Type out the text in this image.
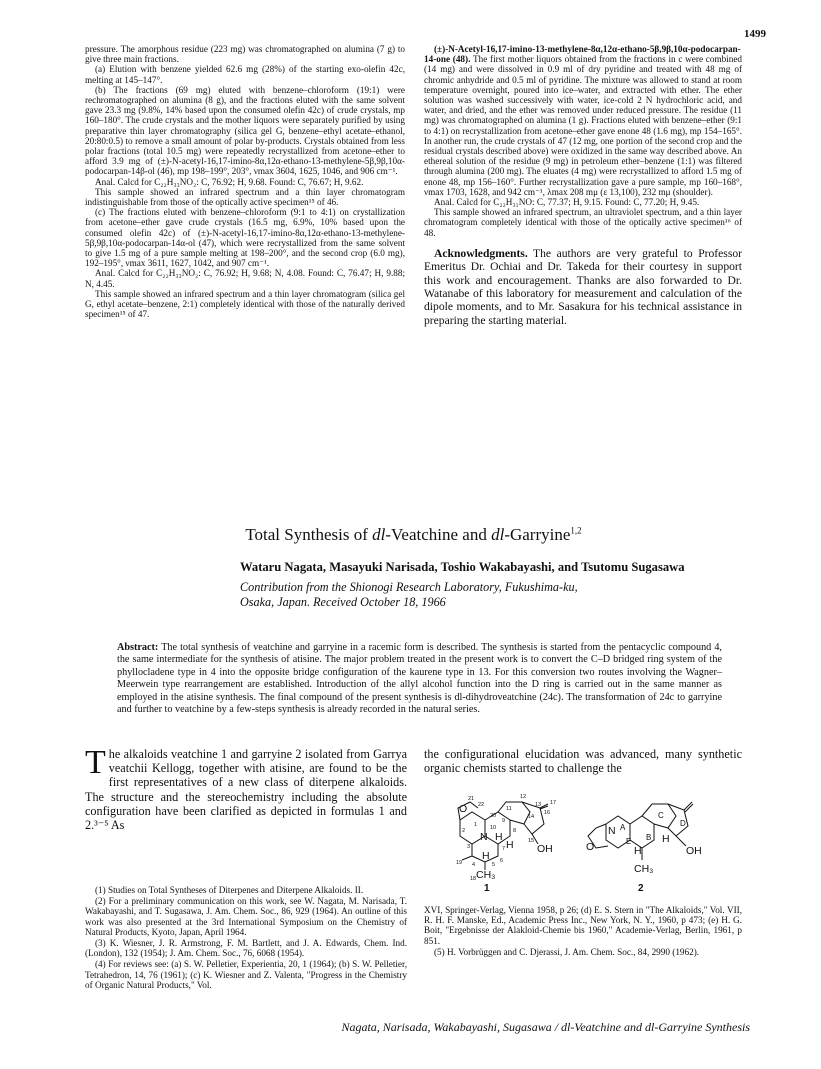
1499

pressure. The amorphous residue (223 mg) was chromatographed on alumina (7 g) to give three main fractions.

(a) Elution with benzene yielded 62.6 mg (28%) of the starting exo-olefin 42c, melting at 145–147°.

(b) The fractions (69 mg) eluted with benzene–chloroform (19:1) were rechromatographed on alumina (8 g), and the fractions eluted with the same solvent gave 23.3 mg (9.8%, 14% based upon the consumed olefin 42c) of crude crystals, mp 160–180°. The crude crystals and the mother liquors were separately purified by using preparative thin layer chromatography (silica gel G, benzene–ethyl acetate–ethanol, 20:80:0.5) to remove a small amount of polar by-products. Crystals obtained from less polar fractions (total 10.5 mg) were repeatedly recrystallized from acetone–ether to afford 3.9 mg of (±)-N-acetyl-16,17-imino-8α,12α-ethano-13-methylene-5β,9β,10α-podocarpan-14β-ol (46), mp 198–199°, 203°, νmax 3604, 1625, 1046, and 906 cm⁻¹.

Anal. Calcd for C₂₂H₃₃NO₂: C, 76.92; H, 9.68. Found: C, 76.67; H, 9.62.

This sample showed an infrared spectrum and a thin layer chromatogram indistinguishable from those of the optically active specimen¹⁵ of 46.

(c) The fractions eluted with benzene–chloroform (9:1 to 4:1) on crystallization from acetone–ether gave crude crystals (16.5 mg, 6.9%, 10% based upon the consumed olefin 42c) of (±)-N-acetyl-16,17-imino-8α,12α-ethano-13-methylene-5β,9β,10α-podocarpan-14α-ol (47), which were recrystallized from the same solvent to give 1.5 mg of a pure sample melting at 198–200°, and the second crop (6.0 mg), 192–195°, νmax 3611, 1627, 1042, and 907 cm⁻¹.

Anal. Calcd for C₂₂H₃₃NO₂: C, 76.92; H, 9.68; N, 4.08. Found: C, 76.47; H, 9.88; N, 4.45.

This sample showed an infrared spectrum and a thin layer chromatogram (silica gel G, ethyl acetate–benzene, 2:1) completely identical with those of the naturally derived specimen¹⁵ of 47.

(±)-N-Acetyl-16,17-imino-13-methylene-8α,12α-ethano-5β,9β,10α-podocarpan-14-one (48). The first mother liquors obtained from the fractions in c were combined (14 mg) and were dissolved in 0.9 ml of dry pyridine and treated with 48 mg of chromic anhydride and 0.5 ml of pyridine. The mixture was allowed to stand at room temperature overnight, poured into ice–water, and extracted with ether. The ether solution was washed successively with water, ice-cold 2 N hydrochloric acid, and water, and dried, and the ether was removed under reduced pressure. The residue (11 mg) was chromatographed on alumina (1 g). Fractions eluted with benzene–ether (9:1 to 4:1) on recrystallization from acetone–ether gave enone 48 (1.6 mg), mp 154–165°. In another run, the crude crystals of 47 (12 mg, one portion of the second crop and the residual crystals described above) were oxidized in the same way described above. An ethereal solution of the residue (9 mg) in petroleum ether–benzene (1:1) was filtered through alumina (200 mg). The eluates (4 mg) were recrystallized to afford 1.5 mg of enone 48, mp 156–160°. Further recrystallization gave a pure sample, mp 160–168°, νmax 1703, 1628, and 942 cm⁻¹, λmax 208 mμ (ε 13,100), 232 mμ (shoulder).

Anal. Calcd for C₂₂H₃₁NO: C, 77.37; H, 9.15. Found: C, 77.20; H, 9.45.

This sample showed an infrared spectrum, an ultraviolet spectrum, and a thin layer chromatogram completely identical with those of the optically active specimen¹⁶ of 48.

Acknowledgments. The authors are very grateful to Professor Emeritus Dr. Ochiai and Dr. Takeda for their courtesy in support this work and encouragement. Thanks are also forwarded to Dr. Watanabe of this laboratory for measurement and calculation of the dipole moments, and to Mr. Sasakura for his technical assistance in preparing the starting material.
Total Synthesis of dl-Veatchine and dl-Garryine$^{1,2}$
Wataru Nagata, Masayuki Narisada, Toshio Wakabayashi, and Tsutomu Sugasawa
Contribution from the Shionogi Research Laboratory, Fukushima-ku,
Osaka, Japan. Received October 18, 1966
Abstract: The total synthesis of veatchine and garryine in a racemic form is described. The synthesis is started from the pentacyclic compound 4, the same intermediate for the synthesis of atisine. The major problem treated in the present work is to convert the C–D bridged ring system of the phyllocladene type in 4 into the opposite bridge configuration of the kaurene type in 13. For this conversion two routes involving the Wagner–Meerwein type rearrangement are established. Introduction of the allyl alcohol function into the D ring is carried out in the same manner as employed in the atisine synthesis. The final compound of the present synthesis is dl-dihydroveatchine (24c). The transformation of 24c to garryine and further to veatchine by a few-steps synthesis is already recorded in the natural series.
T he alkaloids veatchine 1 and garryine 2 isolated from Garrya veatchii Kellogg, together with atisine, are found to be the first representatives of a new class of diterpene alkaloids. The structure and the stereochemistry including the absolute configuration have been clarified as depicted in formulas 1 and 2.³⁻⁵ As
the configurational elucidation was advanced, many synthetic organic chemists started to challenge the
O
N H
H
H
OH
CH₃
12
13 17
16
15
14
11
20
9
10	8
2
1
3
4	5
6
7
19
18
21
22
1
O
N
OH
CH₃
H
H
A
B
C
D
E
2

(1) Studies on Total Syntheses of Diterpenes and Diterpene Alkaloids. II.

(2) For a preliminary communication on this work, see W. Nagata, M. Narisada, T. Wakabayashi, and T. Sugasawa, J. Am. Chem. Soc., 86, 929 (1964). An outline of this work was also presented at the 3rd International Symposium on the Chemistry of Natural Products, Kyoto, Japan, April 1964.

(3) K. Wiesner, J. R. Armstrong, F. M. Bartlett, and J. A. Edwards, Chem. Ind. (London), 132 (1954); J. Am. Chem. Soc., 76, 6068 (1954).

(4) For reviews see: (a) S. W. Pelletier, Experientia, 20, 1 (1964); (b) S. W. Pelletier, Tetrahedron, 14, 76 (1961); (c) K. Wiesner and Z. Valenta, "Progress in the Chemistry of Organic Natural Products," Vol.

XVI, Springer-Verlag, Vienna 1958, p 26; (d) E. S. Stern in "The Alkaloids," Vol. VII, R. H. F. Manske, Ed., Academic Press Inc., New York, N. Y., 1960, p 473; (e) H. G. Boit, "Ergebnisse der Alakloid-Chemie bis 1960," Academie-Verlag, Berlin, 1961, p 851.

(5) H. Vorbrüggen and C. Djerassi, J. Am. Chem. Soc., 84, 2990 (1962).

Nagata, Narisada, Wakabayashi, Sugasawa / dl-Veatchine and dl-Garryine Synthesis
